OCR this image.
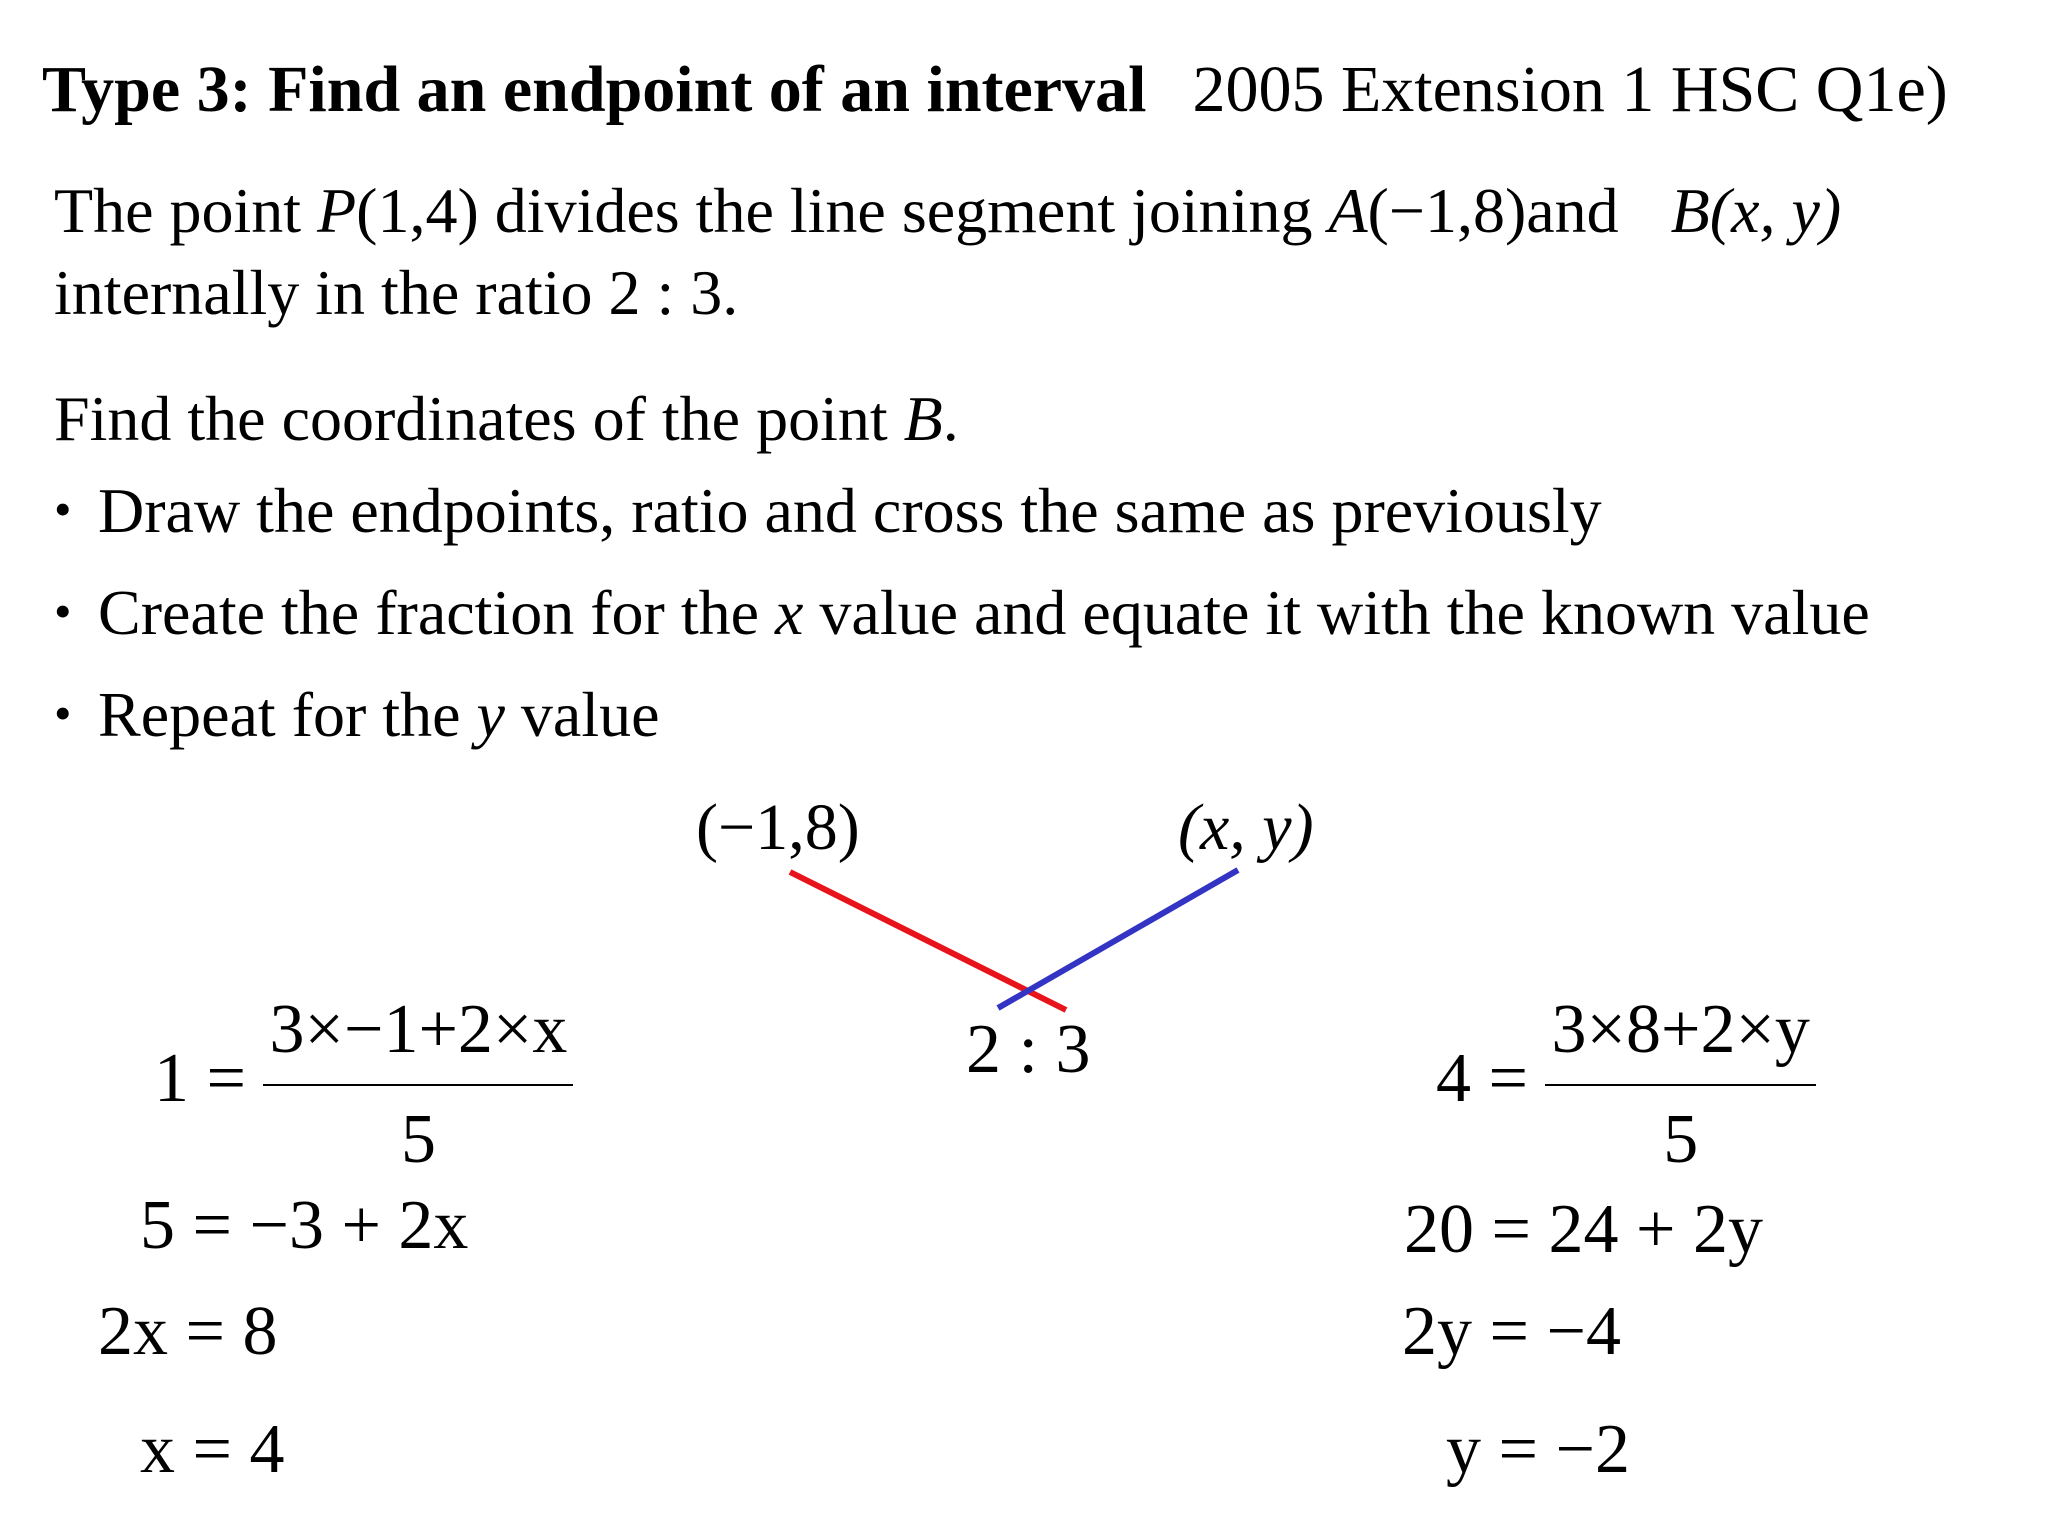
Type 3: Find an endpoint of an interval 2005 Extension 1 HSC Q1e)
The point P(1,4) divides the line segment joining A(−1,8)and B(x, y)
internally in the ratio 2 : 3.
Find the coordinates of the point B.
• Draw the endpoints, ratio and cross the same as previously
• Create the fraction for the x value and equate it with the known value
• Repeat for the y value
(−1,8)	(x, y)
2 : 3
$1 = \frac{3\times-1+2\times x}{5}$
5 = −3 + 2x
2x = 8
x = 4
$4 = \frac{3\times 8+2\times y}{5}$
20 = 24 + 2y
2y = −4
y = −2
